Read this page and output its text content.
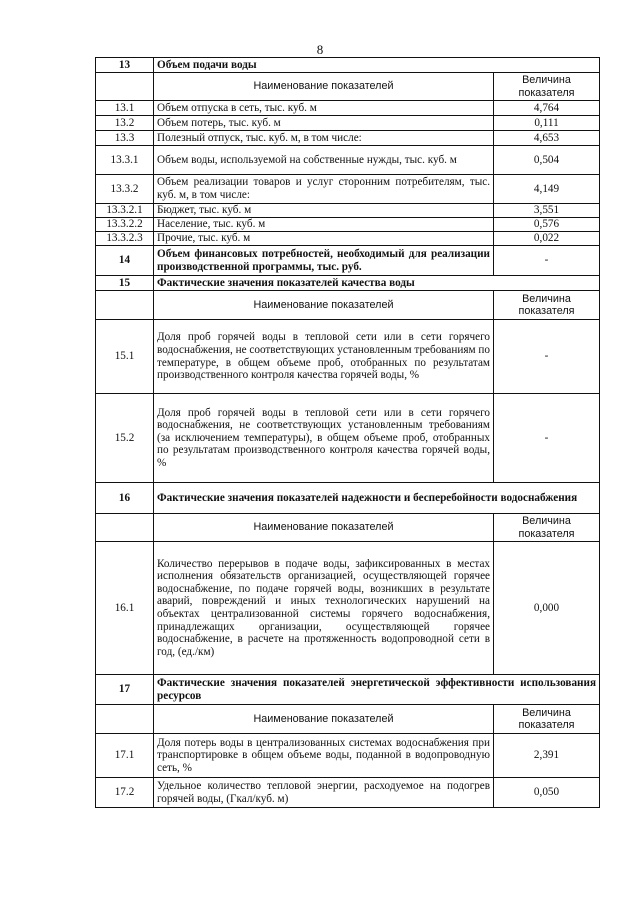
8
13	Объем подачи воды	
	Наименование показателей	Величина показателя
13.1	Объем отпуска в сеть, тыс. куб. м	4,764
13.2	Объем потерь, тыс. куб. м	0,111
13.3	Полезный отпуск, тыс. куб. м, в том числе:	4,653
13.3.1	Объем воды, используемой на собственные нужды, тыс. куб. м	0,504
13.3.2	Объем реализации товаров и услуг сторонним потребителям, тыс. куб. м, в том числе:	4,149
13.3.2.1	Бюджет, тыс. куб. м	3,551
13.3.2.2	Население, тыс. куб. м	0,576
13.3.2.3	Прочие, тыс. куб. м	0,022
14	Объем финансовых потребностей, необходимый для реализации производственной программы, тыс. руб.	-
15	Фактические значения показателей качества воды	
	Наименование показателей	Величина показателя
15.1	Доля проб горячей воды в тепловой сети или в сети горячего водоснабжения, не соответствующих установленным требованиям по температуре, в общем объеме проб, отобранных по результатам производственного контроля качества горячей воды, %	-
15.2	Доля проб горячей воды в тепловой сети или в сети горячего водоснабжения, не соответствующих установленным требованиям (за исключением температуры), в общем объеме проб, отобранных по результатам производственного контроля качества горячей воды, %	-
16	Фактические значения показателей надежности и бесперебойности водоснабжения	
	Наименование показателей	Величина показателя
16.1	Количество перерывов в подаче воды, зафиксированных в местах исполнения обязательств организацией, осуществляющей горячее водоснабжение, по подаче горячей воды, возникших в результате аварий, повреждений и иных технологических нарушений на объектах централизованной системы горячего водоснабжения, принадлежащих организации, осуществляющей горячее водоснабжение, в расчете на протяженность водопроводной сети в год, (ед./км)	0,000
17	Фактические значения показателей энергетической эффективности использования ресурсов	
	Наименование показателей	Величина показателя
17.1	Доля потерь воды в централизованных системах водоснабжения при транспортировке в общем объеме воды, поданной в водопроводную сеть, %	2,391
17.2	Удельное количество тепловой энергии, расходуемое на подогрев горячей воды, (Гкал/куб. м)	0,050
